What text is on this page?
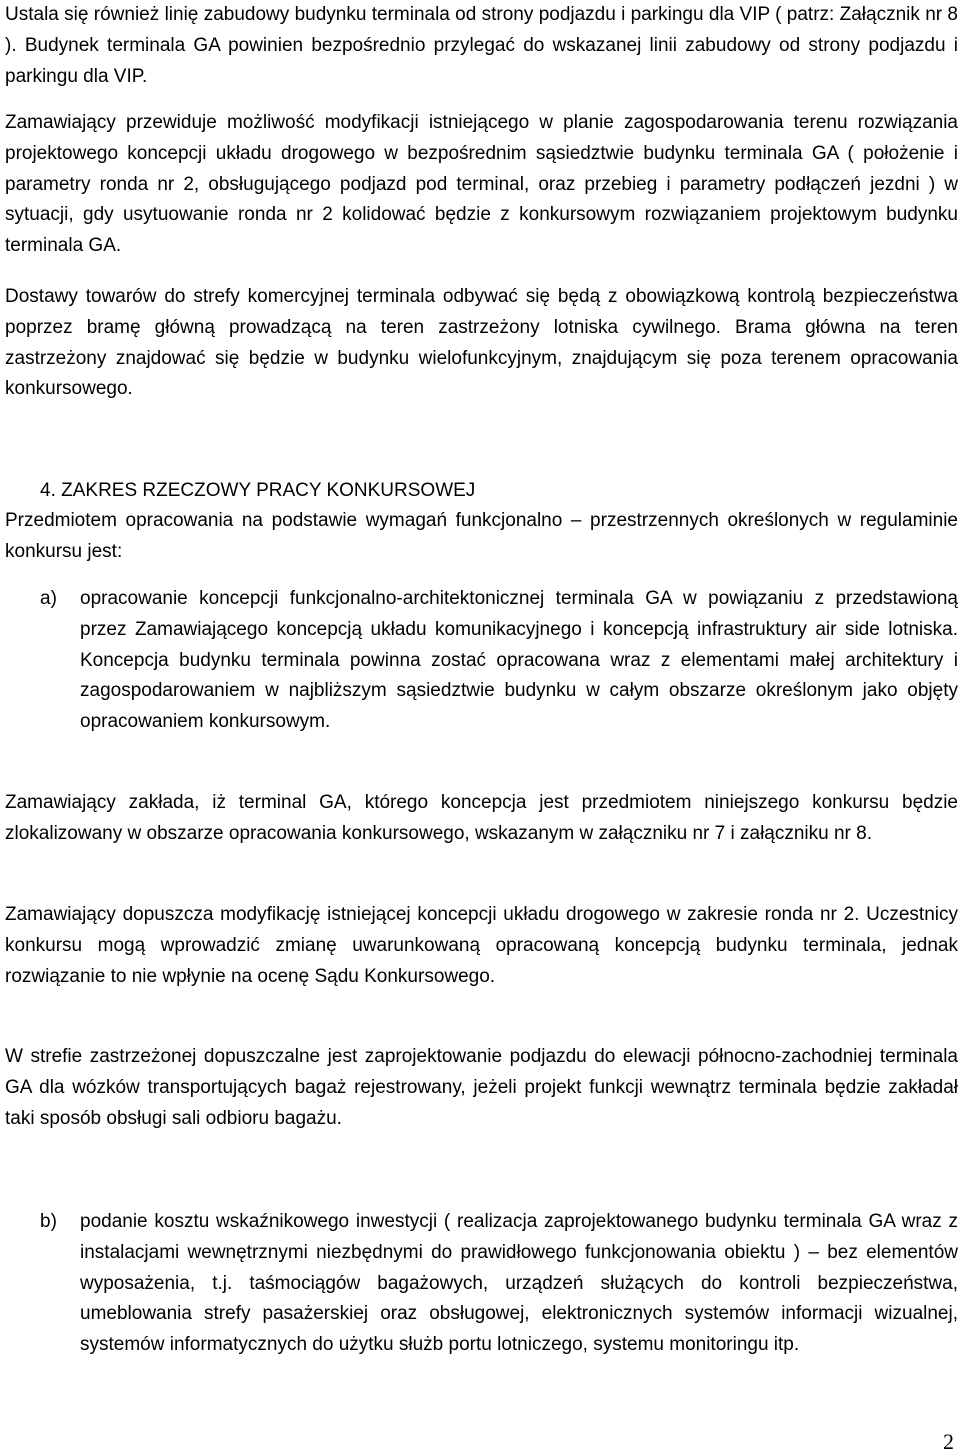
Ustala się również linię zabudowy budynku terminala od strony podjazdu i parkingu dla VIP ( patrz: Załącznik nr 8 ). Budynek terminala GA powinien bezpośrednio przylegać do wskazanej linii zabudowy od strony podjazdu i parkingu dla VIP.

Zamawiający przewiduje możliwość modyfikacji istniejącego w planie zagospodarowania terenu rozwiązania projektowego koncepcji układu drogowego w bezpośrednim sąsiedztwie budynku terminala GA ( położenie i parametry ronda nr 2, obsługującego podjazd pod terminal, oraz przebieg i parametry podłączeń jezdni ) w sytuacji, gdy usytuowanie ronda nr 2 kolidować będzie z konkursowym rozwiązaniem projektowym budynku terminala GA.

Dostawy towarów do strefy komercyjnej terminala odbywać się będą z obowiązkową kontrolą bezpieczeństwa poprzez bramę główną prowadzącą na teren zastrzeżony lotniska cywilnego. Brama główna na teren zastrzeżony znajdować się będzie w budynku wielofunkcyjnym, znajdującym się poza terenem opracowania konkursowego.

4. ZAKRES RZECZOWY PRACY KONKURSOWEJ

Przedmiotem opracowania na podstawie wymagań funkcjonalno – przestrzennych określonych w regulaminie konkursu jest:

a) opracowanie koncepcji funkcjonalno-architektonicznej terminala GA w powiązaniu z przedstawioną przez Zamawiającego koncepcją układu komunikacyjnego i koncepcją infrastruktury air side lotniska. Koncepcja budynku terminala powinna zostać opracowana wraz z elementami małej architektury i zagospodarowaniem w najbliższym sąsiedztwie budynku w całym obszarze określonym jako objęty opracowaniem konkursowym.

Zamawiający zakłada, iż terminal GA, którego koncepcja jest przedmiotem niniejszego konkursu będzie zlokalizowany w obszarze opracowania konkursowego, wskazanym w załączniku nr 7 i załączniku nr 8.

Zamawiający dopuszcza modyfikację istniejącej koncepcji układu drogowego w zakresie ronda nr 2. Uczestnicy konkursu mogą wprowadzić zmianę uwarunkowaną opracowaną koncepcją budynku terminala, jednak rozwiązanie to nie wpłynie na ocenę Sądu Konkursowego.

W strefie zastrzeżonej dopuszczalne jest zaprojektowanie podjazdu do elewacji północno-zachodniej terminala GA dla wózków transportujących bagaż rejestrowany, jeżeli projekt funkcji wewnątrz terminala będzie zakładał taki sposób obsługi sali odbioru bagażu.

b) podanie kosztu wskaźnikowego inwestycji ( realizacja zaprojektowanego budynku terminala GA wraz z instalacjami wewnętrznymi niezbędnymi do prawidłowego funkcjonowania obiektu ) – bez elementów wyposażenia, t.j. taśmociągów bagażowych, urządzeń służących do kontroli bezpieczeństwa, umeblowania strefy pasażerskiej oraz obsługowej, elektronicznych systemów informacji wizualnej, systemów informatycznych do użytku służb portu lotniczego, systemu monitoringu itp.

2
